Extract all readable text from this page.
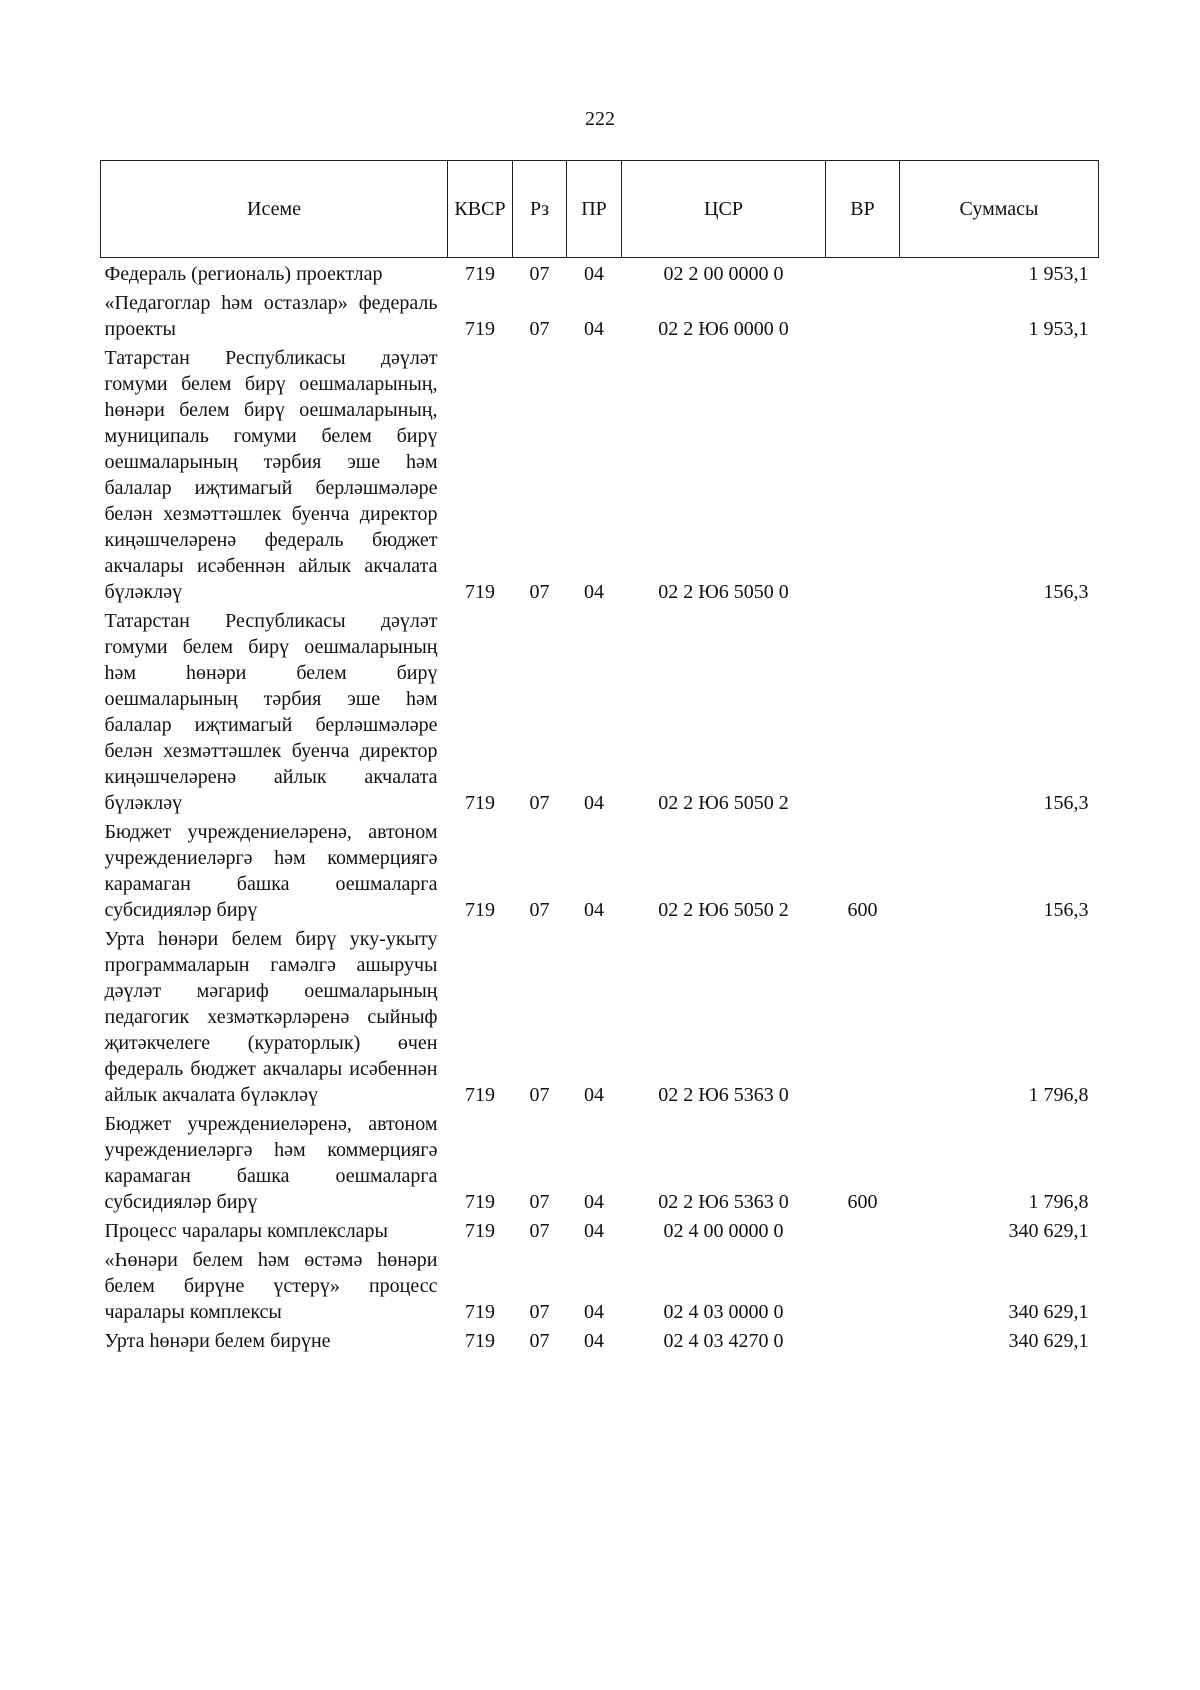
222
Исеме	КВСР	Рз	ПР	ЦСР	ВР	Суммасы
Федераль (региональ) проектлар	719	07	04	02 2 00 0000 0		1 953,1
«Педагоглар һәм остазлар» федераль проекты	719	07	04	02 2 Ю6 0000 0		1 953,1
Татарстан Республикасы дәүләт гомуми белем бирү оешмаларының, һөнәри белем бирү оешмаларының, муниципаль гомуми белем бирү оешмаларының тәрбия эше һәм балалар иҗтимагый берләшмәләре белән хезмәттәшлек буенча директор киңәшчеләренә федераль бюджет акчалары исәбеннән айлык акчалата бүләкләү	719	07	04	02 2 Ю6 5050 0		156,3
Татарстан Республикасы дәүләт гомуми белем бирү оешмаларының һәм һөнәри белем бирү оешмаларының тәрбия эше һәм балалар иҗтимагый берләшмәләре белән хезмәттәшлек буенча директор киңәшчеләренә айлык акчалата бүләкләү	719	07	04	02 2 Ю6 5050 2		156,3
Бюджет учреждениеләренә, автоном учреждениеләргә һәм коммерциягә карамаган башка оешмаларга субсидияләр бирү	719	07	04	02 2 Ю6 5050 2	600	156,3
Урта һөнәри белем бирү уку-укыту программаларын гамәлгә ашыручы дәүләт мәгариф оешмаларының педагогик хезмәткәрләренә сыйныф җитәкчелеге (кураторлык) өчен федераль бюджет акчалары исәбеннән айлык акчалата бүләкләү	719	07	04	02 2 Ю6 5363 0		1 796,8
Бюджет учреждениеләренә, автоном учреждениеләргә һәм коммерциягә карамаган башка оешмаларга субсидияләр бирү	719	07	04	02 2 Ю6 5363 0	600	1 796,8
Процесс чаралары комплекслары	719	07	04	02 4 00 0000 0		340 629,1
«Һөнәри белем һәм өстәмә һөнәри белем бирүне үстерү» процесс чаралары комплексы	719	07	04	02 4 03 0000 0		340 629,1
Урта һөнәри белем бирүне	719	07	04	02 4 03 4270 0		340 629,1
